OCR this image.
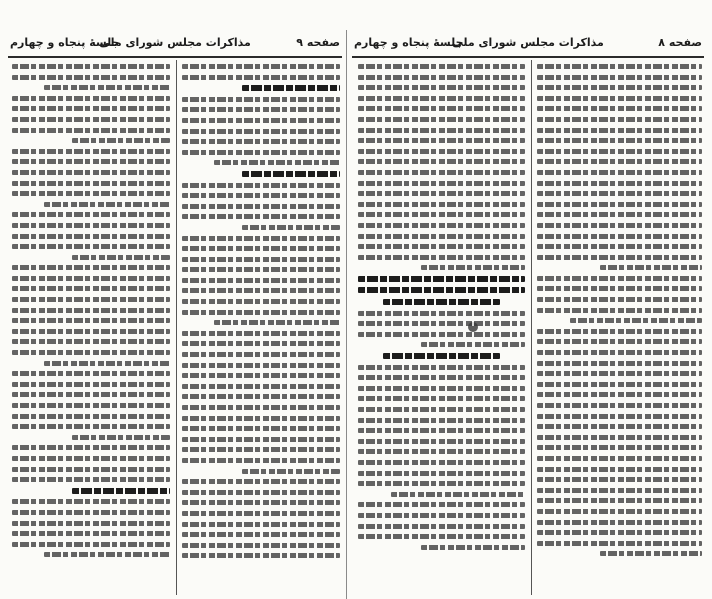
صفحه ۹
مذاکرات مجلس شورای ملی
جلسهٔ پنجاه و چهارم	صفحه ۸
مذاکرات مجلس شورای ملی
جلسهٔ پنجاه و چهارم
